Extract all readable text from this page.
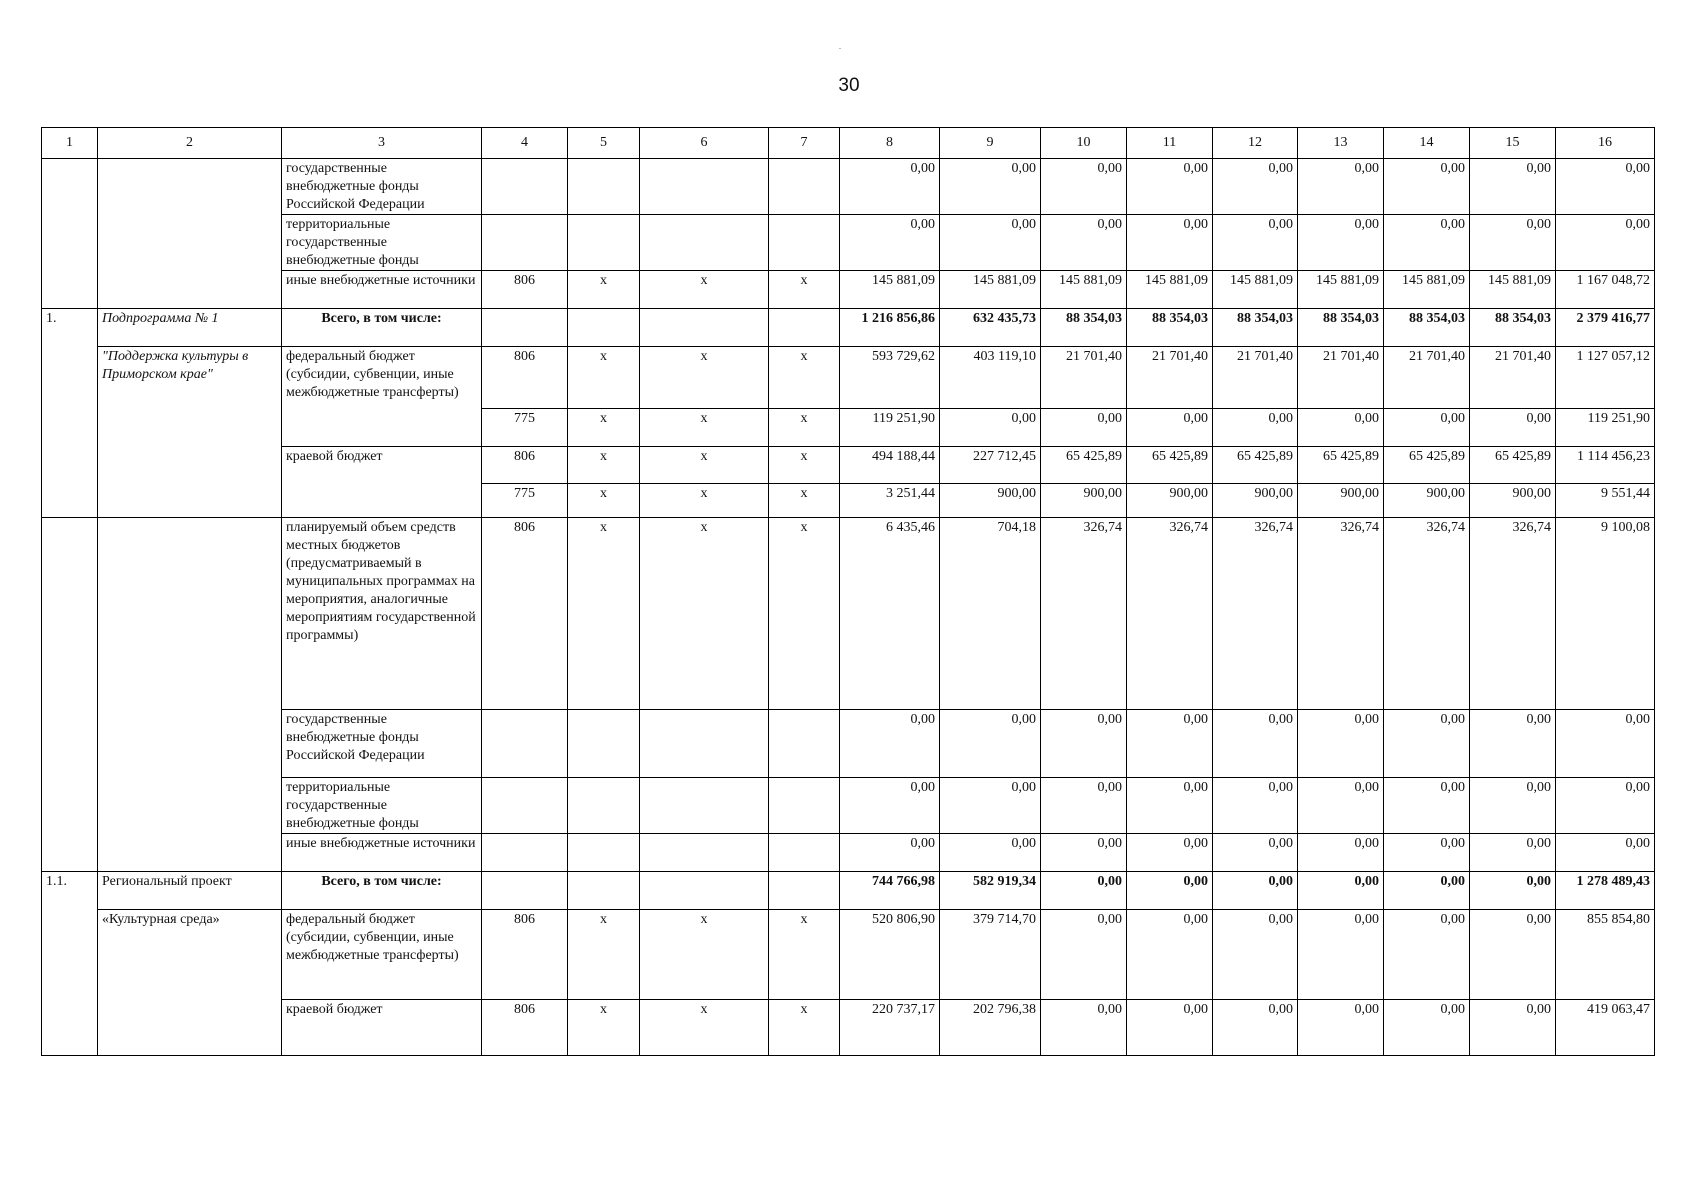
30
1	2	3	4	5	6	7	8	9	10	11	12	13	14	15	16
		государственные внебюджетные фонды Российской Федерации					0,00	0,00	0,00	0,00	0,00	0,00	0,00	0,00	0,00
		территориальные государственные внебюджетные фонды					0,00	0,00	0,00	0,00	0,00	0,00	0,00	0,00	0,00
		иные внебюджетные источники	806	х	х	х	145 881,09	145 881,09	145 881,09	145 881,09	145 881,09	145 881,09	145 881,09	145 881,09	1 167 048,72
1.	Подпрограмма № 1	Всего, в том числе:					1 216 856,86	632 435,73	88 354,03	88 354,03	88 354,03	88 354,03	88 354,03	88 354,03	2 379 416,77
	"Поддержка культуры в Приморском крае"	федеральный бюджет (субсидии, субвенции, иные межбюджетные трансферты)	806	х	х	х	593 729,62	403 119,10	21 701,40	21 701,40	21 701,40	21 701,40	21 701,40	21 701,40	1 127 057,12
			775	х	х	х	119 251,90	0,00	0,00	0,00	0,00	0,00	0,00	0,00	119 251,90
		краевой бюджет	806	х	х	х	494 188,44	227 712,45	65 425,89	65 425,89	65 425,89	65 425,89	65 425,89	65 425,89	1 114 456,23
			775	х	х	х	3 251,44	900,00	900,00	900,00	900,00	900,00	900,00	900,00	9 551,44
		планируемый объем средств местных бюджетов (предусматриваемый в муниципальных программах на мероприятия, аналогичные мероприятиям государственной программы)	806	х	х	х	6 435,46	704,18	326,74	326,74	326,74	326,74	326,74	326,74	9 100,08
		государственные внебюджетные фонды Российской Федерации					0,00	0,00	0,00	0,00	0,00	0,00	0,00	0,00	0,00
		территориальные государственные внебюджетные фонды					0,00	0,00	0,00	0,00	0,00	0,00	0,00	0,00	0,00
		иные внебюджетные источники					0,00	0,00	0,00	0,00	0,00	0,00	0,00	0,00	0,00
1.1.	Региональный проект	Всего, в том числе:					744 766,98	582 919,34	0,00	0,00	0,00	0,00	0,00	0,00	1 278 489,43
	«Культурная среда»	федеральный бюджет (субсидии, субвенции, иные межбюджетные трансферты)	806	х	х	х	520 806,90	379 714,70	0,00	0,00	0,00	0,00	0,00	0,00	855 854,80
		краевой бюджет	806	х	х	х	220 737,17	202 796,38	0,00	0,00	0,00	0,00	0,00	0,00	419 063,47
